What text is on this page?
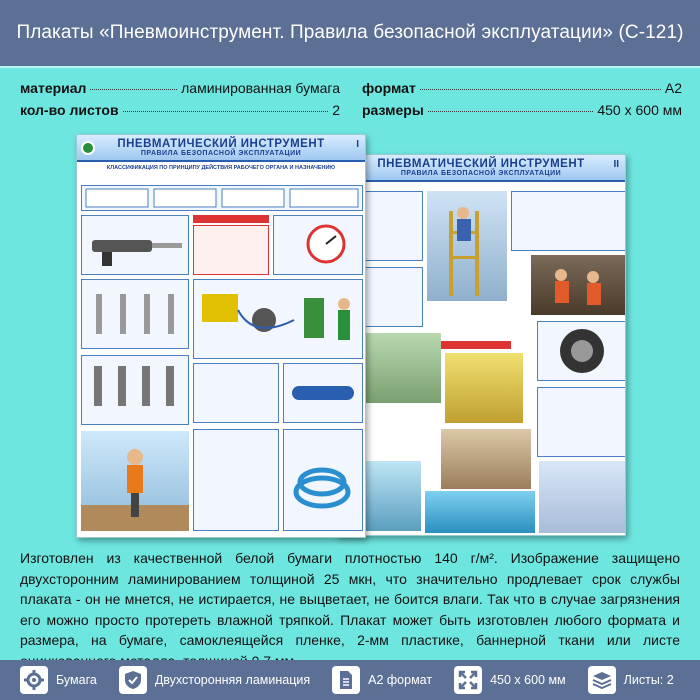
Плакаты «Пневмоинструмент. Правила безопасной эксплуатации» (С-121)
материал	ламинированная бумага
кол-во листов	2
формат	А2
размеры	450 х 600 мм
ПНЕВМАТИЧЕСКИЙ ИНСТРУМЕНТ
ПРАВИЛА БЕЗОПАСНОЙ ЭКСПЛУАТАЦИИ
II
ПНЕВМАТИЧЕСКИЙ ИНСТРУМЕНТ
ПРАВИЛА БЕЗОПАСНОЙ ЭКСПЛУАТАЦИИ
I
КЛАССИФИКАЦИЯ ПО ПРИНЦИПУ ДЕЙСТВИЯ РАБОЧЕГО ОРГАНА И НАЗНАЧЕНИЮ
Изготовлен из качественной белой бумаги плотностью 140 г/м². Изображение защищено двухсторонним ламинированием толщиной 25 мкн, что значительно продлевает срок службы плаката - он не мнется, не истирается, не выцветает, не боится влаги. Так что в случае загрязнения его можно просто протереть влажной тряпкой. Плакат может быть изготовлен любого формата и размера, на бумаге, самоклеящейся пленке, 2-мм пластике, баннерной ткани или листе
Бумага	Двухсторонняя ламинация	А2 формат	450 х 600 мм	Листы: 2
